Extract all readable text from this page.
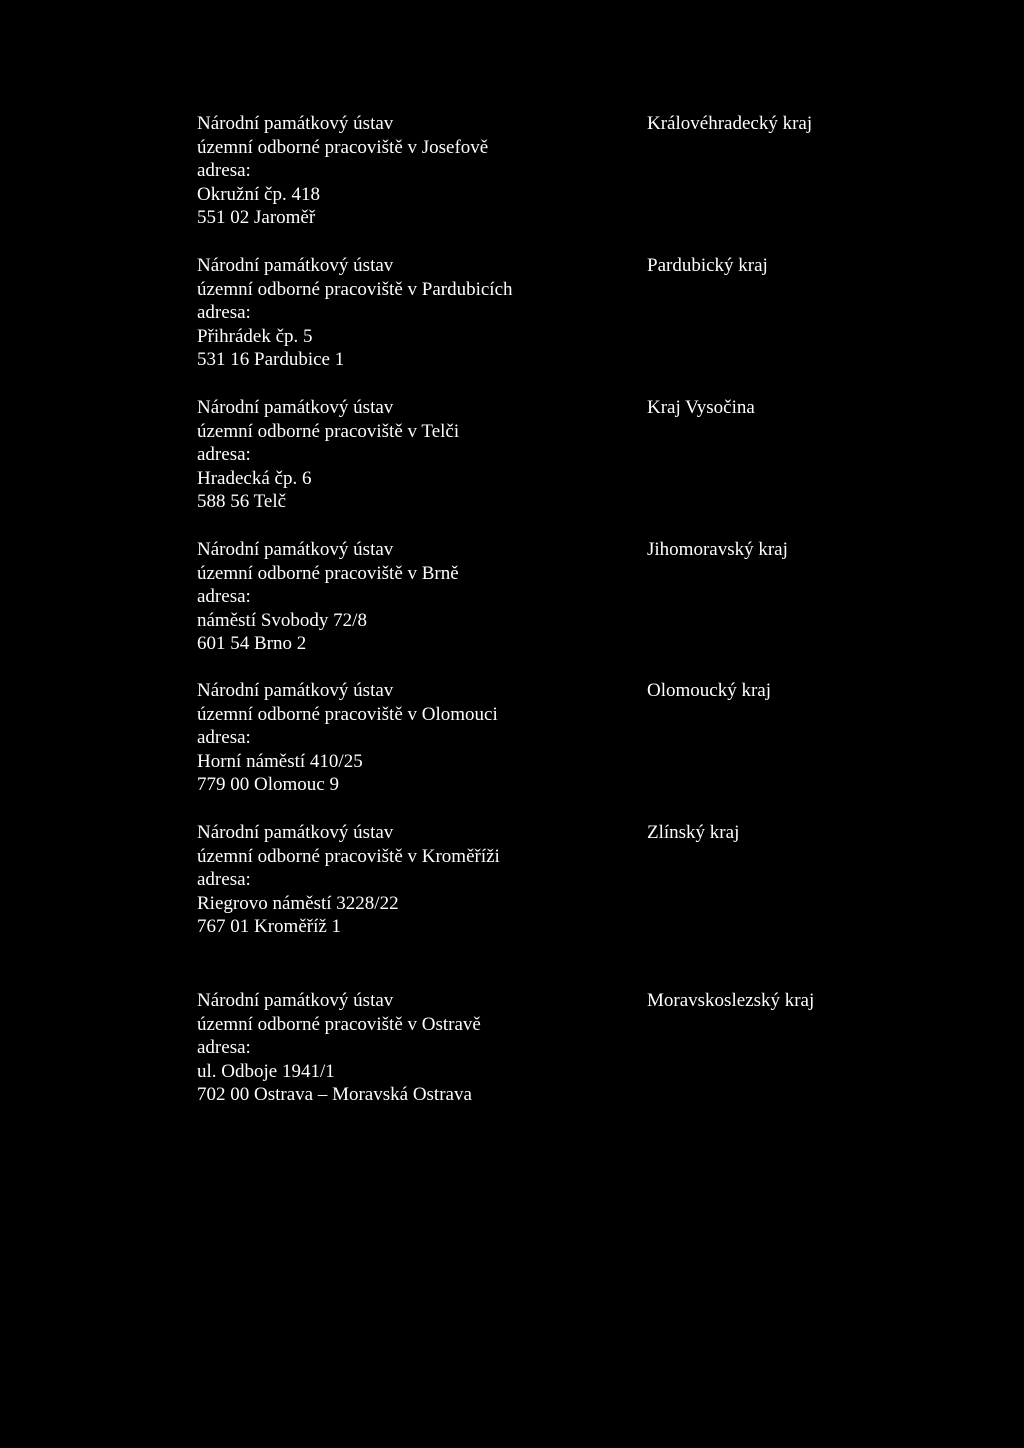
Národní památkový ústav
územní odborné pracoviště v Josefově
adresa:
Okružní čp. 418
551 02 Jaroměř
Královéhradecký kraj
Národní památkový ústav
územní odborné pracoviště v Pardubicích
adresa:
Přihrádek čp. 5
531 16 Pardubice 1
Pardubický kraj
Národní památkový ústav
územní odborné pracoviště v Telči
adresa:
Hradecká čp. 6
588 56 Telč
Kraj Vysočina
Národní památkový ústav
územní odborné pracoviště v Brně
adresa:
náměstí Svobody 72/8
601 54 Brno 2
Jihomoravský kraj
Národní památkový ústav
územní odborné pracoviště v Olomouci
adresa:
Horní náměstí 410/25
779 00 Olomouc 9
Olomoucký kraj
Národní památkový ústav
územní odborné pracoviště v Kroměříži
adresa:
Riegrovo náměstí 3228/22
767 01 Kroměříž 1
Zlínský kraj
Národní památkový ústav
územní odborné pracoviště v Ostravě
adresa:
ul. Odboje 1941/1
702 00 Ostrava – Moravská Ostrava
Moravskoslezský kraj
